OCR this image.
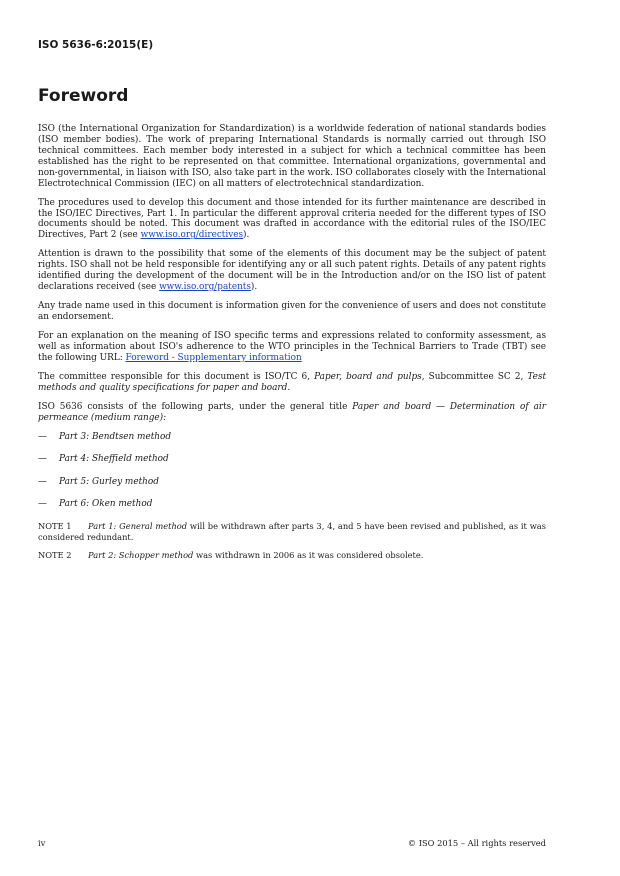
ISO 5636-6:2015(E)
Foreword

ISO (the International Organization for Standardization) is a worldwide federation of national standards bodies (ISO member bodies). The work of preparing International Standards is normally carried out through ISO technical committees. Each member body interested in a subject for which a technical committee has been established has the right to be represented on that committee. International organizations, governmental and non-governmental, in liaison with ISO, also take part in the work. ISO collaborates closely with the International Electrotechnical Commission (IEC) on all matters of electrotechnical standardization.

The procedures used to develop this document and those intended for its further maintenance are described in the ISO/IEC Directives, Part 1. In particular the different approval criteria needed for the different types of ISO documents should be noted. This document was drafted in accordance with the editorial rules of the ISO/IEC Directives, Part 2 (see www.iso.org/directives).

Attention is drawn to the possibility that some of the elements of this document may be the subject of patent rights. ISO shall not be held responsible for identifying any or all such patent rights. Details of any patent rights identified during the development of the document will be in the Introduction and/or on the ISO list of patent declarations received (see www.iso.org/patents).

Any trade name used in this document is information given for the convenience of users and does not constitute an endorsement.

For an explanation on the meaning of ISO specific terms and expressions related to conformity assessment, as well as information about ISO's adherence to the WTO principles in the Technical Barriers to Trade (TBT) see the following URL: Foreword - Supplementary information

The committee responsible for this document is ISO/TC 6, Paper, board and pulps, Subcommittee SC 2, Test methods and quality specifications for paper and board.

ISO 5636 consists of the following parts, under the general title Paper and board — Determination of air permeance (medium range):

—	Part 3: Bendtsen method
—	Part 4: Sheffield method
—	Part 5: Gurley method
—	Part 6: Oken method

NOTE 1 Part 1: General method will be withdrawn after parts 3, 4, and 5 have been revised and published, as it was considered redundant.

NOTE 2 Part 2: Schopper method was withdrawn in 2006 as it was considered obsolete.

iv	© ISO 2015 – All rights reserved
